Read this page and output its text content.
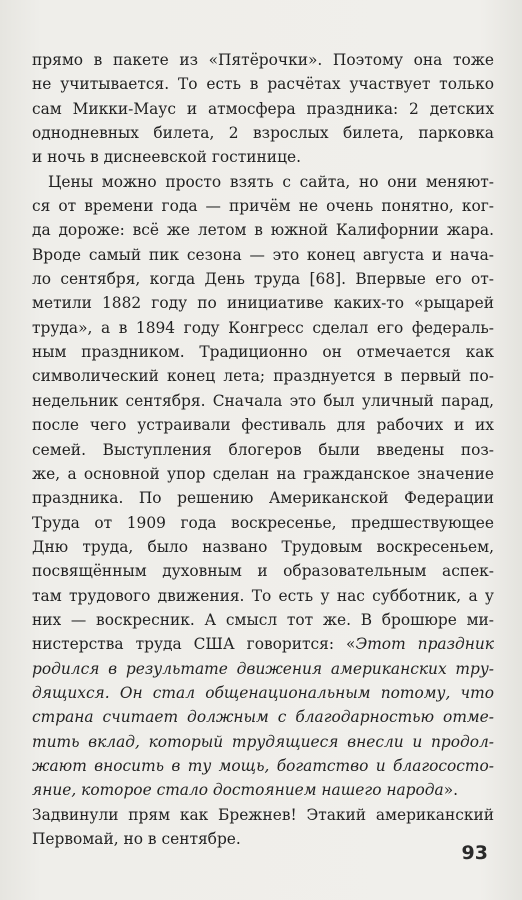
прямо в пакете из «Пятёрочки». Поэтому она тоже
не учитывается. То есть в расчётах участвует только
сам Микки-Маус и атмосфера праздника: 2 детских
однодневных билета, 2 взрослых билета, парковка
и ночь в диснеевской гостинице.
Цены можно просто взять с сайта, но они меняют-
ся от времени года — причём не очень понятно, ког-
да дороже: всё же летом в южной Калифорнии жара.
Вроде самый пик сезона — это конец августа и нача-
ло сентября, когда День труда [68]. Впервые его от-
метили 1882 году по инициативе каких-то «рыцарей
труда», а в 1894 году Конгресс сделал его федераль-
ным праздником. Традиционно он отмечается как
символический конец лета; празднуется в первый по-
недельник сентября. Сначала это был уличный парад,
после чего устраивали фестиваль для рабочих и их
семей. Выступления блогеров были введены поз-
же, а основной упор сделан на гражданское значение
праздника. По решению Американской Федерации
Труда от 1909 года воскресенье, предшествующее
Дню труда, было названо Трудовым воскресеньем,
посвящённым духовным и образовательным аспек-
там трудового движения. То есть у нас субботник, а у
них — воскресник. А смысл тот же. В брошюре ми-
нистерства труда США говорится: «Этот праздник
родился в результате движения американских тру-
дящихся. Он стал общенациональным потому, что
страна считает должным с благодарностью отме-
тить вклад, который трудящиеся внесли и продол-
жают вносить в ту мощь, богатство и благососто-
яние, которое стало достоянием нашего народа».
Задвинули прям как Брежнев! Этакий американский
Первомай, но в сентябре.
93
